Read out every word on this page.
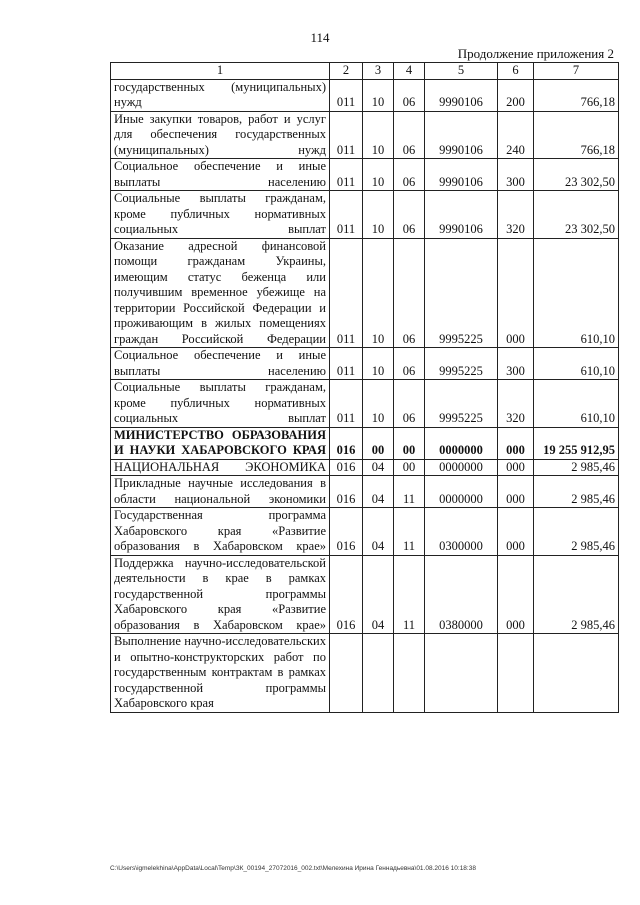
114
Продолжение приложения 2
1	2	3	4	5	6	7
государственных (муниципальных) нужд	011	10	06	9990106	200	766,18
Иные закупки товаров, работ и услуг для обеспечения государственных (муниципальных) нужд	011	10	06	9990106	240	766,18
Социальное обеспечение и иные выплаты населению	011	10	06	9990106	300	23 302,50
Социальные выплаты гражданам, кроме публичных нормативных социальных выплат	011	10	06	9990106	320	23 302,50
Оказание адресной финансовой помощи гражданам Украины, имеющим статус беженца или получившим временное убежище на территории Российской Федерации и проживающим в жилых помещениях граждан Российской Федерации	011	10	06	9995225	000	610,10
Социальное обеспечение и иные выплаты населению	011	10	06	9995225	300	610,10
Социальные выплаты гражданам, кроме публичных нормативных социальных выплат	011	10	06	9995225	320	610,10
МИНИСТЕРСТВО ОБРАЗОВАНИЯ И НАУКИ ХАБАРОВСКОГО КРАЯ	016	00	00	0000000	000	19 255 912,95
НАЦИОНАЛЬНАЯ ЭКОНОМИКА	016	04	00	0000000	000	2 985,46
Прикладные научные исследования в области национальной экономики	016	04	11	0000000	000	2 985,46
Государственная программа Хабаровского края «Развитие образования в Хабаровском крае»	016	04	11	0300000	000	2 985,46
Поддержка научно-исследовательской деятельности в крае в рамках государственной программы Хабаровского края «Развитие образования в Хабаровском крае»	016	04	11	0380000	000	2 985,46
Выполнение научно-исследовательских и опытно-конструкторских работ по государственным контрактам в рамках государственной программы Хабаровского края						
C:\Users\igmelekhina\AppData\Local\Temp\ЗК_00194_27072016_002.txt\Мелехина Ирина Геннадьевна\01.08.2016 10:18:38
